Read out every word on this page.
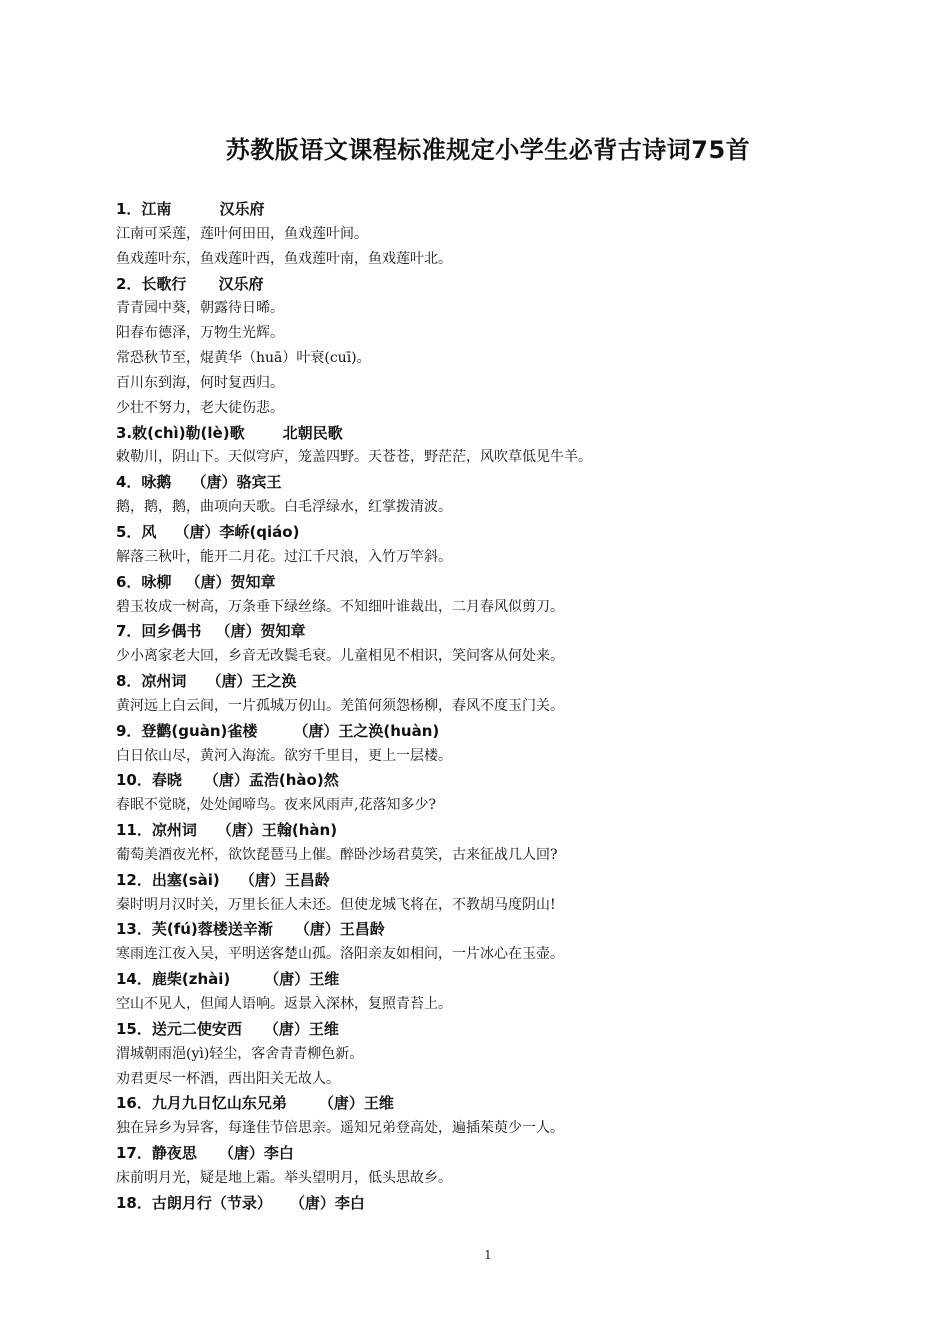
苏教版语文课程标准规定小学生必背古诗词75首
1．江南	汉乐府
江南可采莲，莲叶何田田，鱼戏莲叶间。
鱼戏莲叶东，鱼戏莲叶西，鱼戏莲叶南，鱼戏莲叶北。
2．长歌行 汉乐府
青青园中葵，朝露待日晞。
阳春布德泽，万物生光辉。
常恐秋节至，焜黄华（huā）叶衰(cuī)。
百川东到海，何时复西归。
少壮不努力，老大徒伤悲。
3.敕(chì)勒(lè)歌	北朝民歌
敕勒川，阴山下。天似穹庐，笼盖四野。天苍苍，野茫茫，风吹草低见牛羊。
4．咏鹅 （唐）骆宾王
鹅，鹅，鹅，曲项向天歌。白毛浮绿水，红掌拨清波。
5．风 （唐）李峤(qiáo)
解落三秋叶，能开二月花。过江千尺浪，入竹万竿斜。
6．咏柳 （唐）贺知章
碧玉妆成一树高，万条垂下绿丝绦。不知细叶谁裁出，二月春风似剪刀。
7．回乡偶书 （唐）贺知章
少小离家老大回，乡音无改鬓毛衰。儿童相见不相识，笑问客从何处来。
8．凉州词 （唐）王之涣
黄河远上白云间，一片孤城万仞山。羌笛何须怨杨柳，春风不度玉门关。
9．登鹳(guàn)雀楼 （唐）王之涣(huàn)
白日依山尽，黄河入海流。欲穷千里目，更上一层楼。
10．春晓 （唐）孟浩(hào)然
春眠不觉晓，处处闻啼鸟。夜来风雨声,花落知多少?
11．凉州词 （唐）王翰(hàn)
葡萄美酒夜光杯，欲饮琵琶马上催。醉卧沙场君莫笑，古来征战几人回?
12．出塞(sài) （唐）王昌龄
秦时明月汉时关，万里长征人未还。但使龙城飞将在，不教胡马度阴山!
13．芙(fú)蓉楼送辛渐 （唐）王昌龄
寒雨连江夜入吴，平明送客楚山孤。洛阳亲友如相问，一片冰心在玉壶。
14．鹿柴(zhài) （唐）王维
空山不见人，但闻人语响。返景入深林，复照青苔上。
15．送元二使安西 （唐）王维
渭城朝雨浥(yì)轻尘，客舍青青柳色新。
劝君更尽一杯酒，西出阳关无故人。
16．九月九日忆山东兄弟 （唐）王维
独在异乡为异客，每逢佳节倍思亲。遥知兄弟登高处，遍插茱萸少一人。
17．静夜思 （唐）李白
床前明月光，疑是地上霜。举头望明月，低头思故乡。
18．古朗月行（节录） （唐）李白
1
